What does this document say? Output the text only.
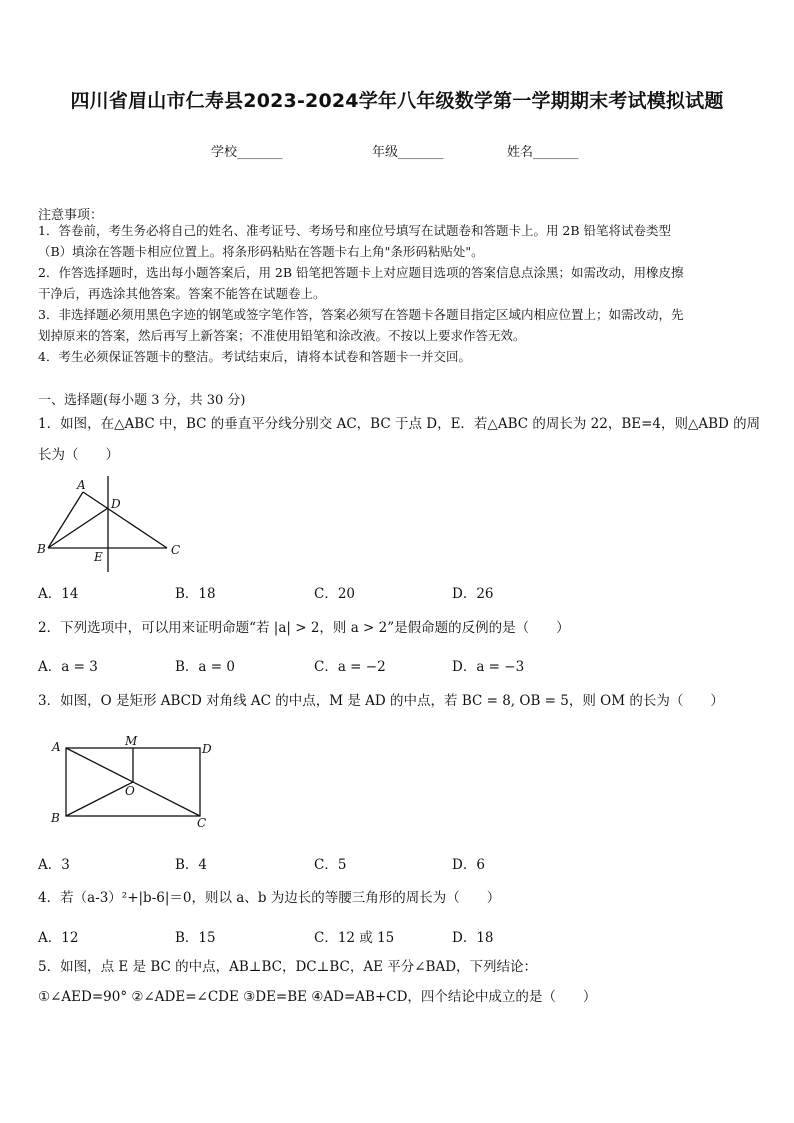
四川省眉山市仁寿县2023-2024学年八年级数学第一学期期末考试模拟试题
学校_______	年级_______	姓名_______
注意事项：
1．答卷前，考生务必将自己的姓名、准考证号、考场号和座位号填写在试题卷和答题卡上。用 2B 铅笔将试卷类型
（B）填涂在答题卡相应位置上。将条形码粘贴在答题卡右上角"条形码粘贴处"。
2．作答选择题时，选出每小题答案后，用 2B 铅笔把答题卡上对应题目选项的答案信息点涂黑；如需改动，用橡皮擦
干净后，再选涂其他答案。答案不能答在试题卷上。
3．非选择题必须用黑色字迹的钢笔或签字笔作答，答案必须写在答题卡各题目指定区域内相应位置上；如需改动，先
划掉原来的答案，然后再写上新答案；不准使用铅笔和涂改液。不按以上要求作答无效。
4．考生必须保证答题卡的整洁。考试结束后，请将本试卷和答题卡一并交回。
一、选择题(每小题 3 分，共 30 分)
1．如图，在△ABC 中，BC 的垂直平分线分别交 AC，BC 于点 D，E．若△ABC 的周长为 22，BE=4，则△ABD 的周
长为（　　）
A
D
B	C
E
A．14	B．18	C．20	D．26
2．下列选项中，可以用来证明命题“若 |a| > 2，则 a > 2”是假命题的反例的是（　　）
A．a = 3	B．a = 0	C．a = −2	D．a = −3
3．如图，O 是矩形 ABCD 对角线 AC 的中点，M 是 AD 的中点，若 BC = 8, OB = 5，则 OM 的长为（　　）
A	M
D
O
B	C
A．3	B．4	C．5	D．6
4．若（a-3）²+|b-6|＝0，则以 a、b 为边长的等腰三角形的周长为（　　）
A．12	B．15	C．12 或 15	D．18
5．如图，点 E 是 BC 的中点，AB⊥BC，DC⊥BC，AE 平分∠BAD，下列结论：
①∠AED=90° ②∠ADE=∠CDE ③DE=BE ④AD=AB+CD，四个结论中成立的是（　　）
